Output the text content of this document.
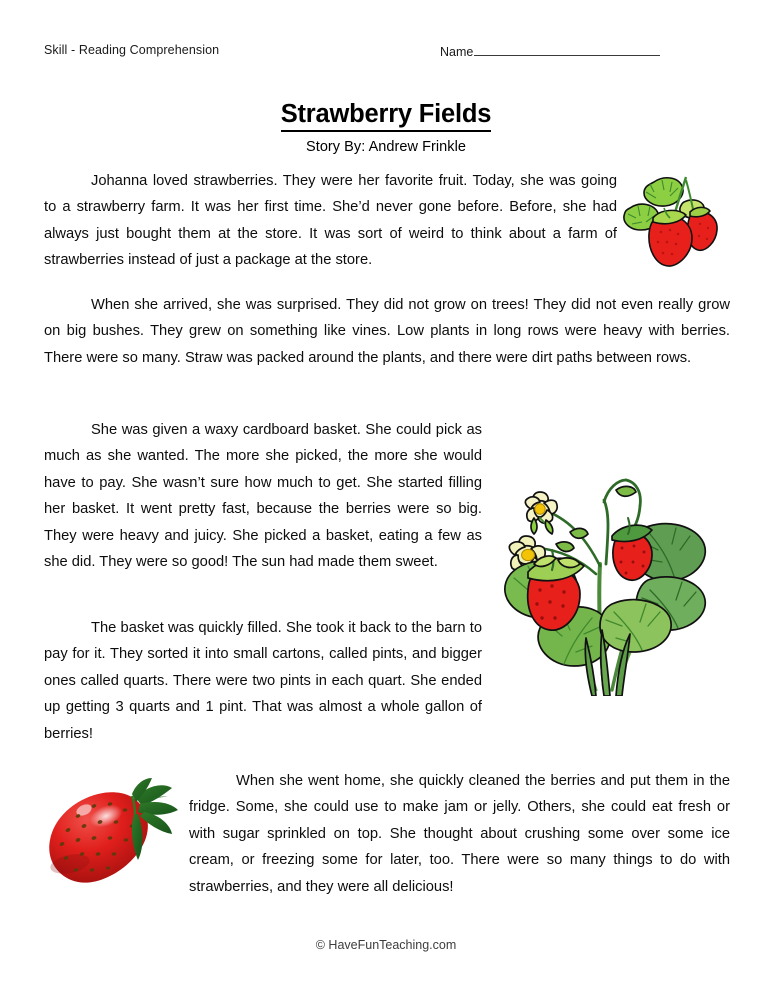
Skill - Reading Comprehension	Name
Strawberry Fields
Story By: Andrew Frinkle

Johanna loved strawberries. They were her favorite fruit. Today, she was going to a strawberry farm. It was her first time. She’d never gone before. Before, she had always just bought them at the store. It was sort of weird to think about a farm of strawberries instead of just a package at the store.

When she arrived, she was surprised. They did not grow on trees! They did not even really grow on big bushes. They grew on something like vines. Low plants in long rows were heavy with berries. There were so many. Straw was packed around the plants, and there were dirt paths between rows.

She was given a waxy cardboard basket. She could pick as much as she wanted. The more she picked, the more she would have to pay. She wasn’t sure how much to get. She started filling her basket. It went pretty fast, because the berries were so big. They were heavy and juicy. She picked a basket, eating a few as she did. They were so good! The sun had made them sweet.

The basket was quickly filled. She took it back to the barn to pay for it. They sorted it into small cartons, called pints, and bigger ones called quarts. There were two pints in each quart. She ended up getting 3 quarts and 1 pint. That was almost a whole gallon of berries!

When she went home, she quickly cleaned the berries and put them in the fridge. Some, she could use to make jam or jelly. Others, she could eat fresh or with sugar sprinkled on top. She thought about crushing some over some ice cream, or freezing some for later, too. There were so many things to do with strawberries, and they were all delicious!

© HaveFunTeaching.com
